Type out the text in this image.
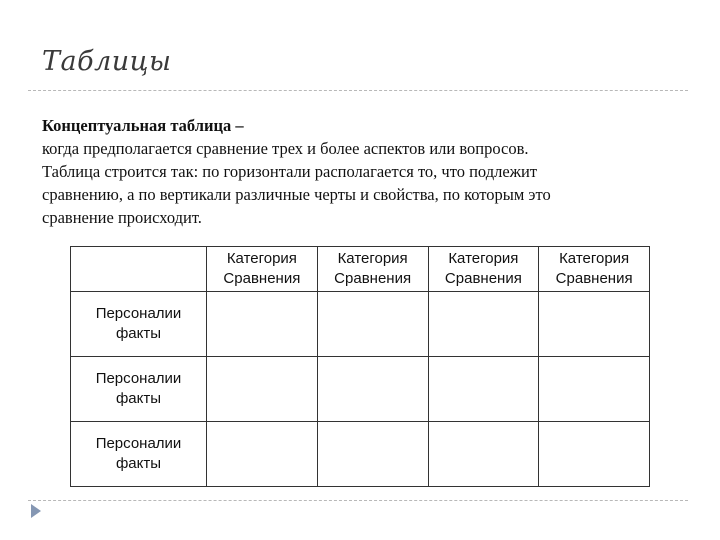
Таблицы
Концептуальная таблица –
когда предполагается сравнение трех и более аспектов или вопросов.
Таблица строится так: по горизонтали располагается то, что подлежит
сравнению, а по вертикали различные черты и свойства, по которым это
сравнение происходит.

	Категория
Сравнения	Категория
Сравнения	Категория
Сравнения	Категория
Сравнения

Персоналии
факты				

Персоналии
факты				

Персоналии
факты				
